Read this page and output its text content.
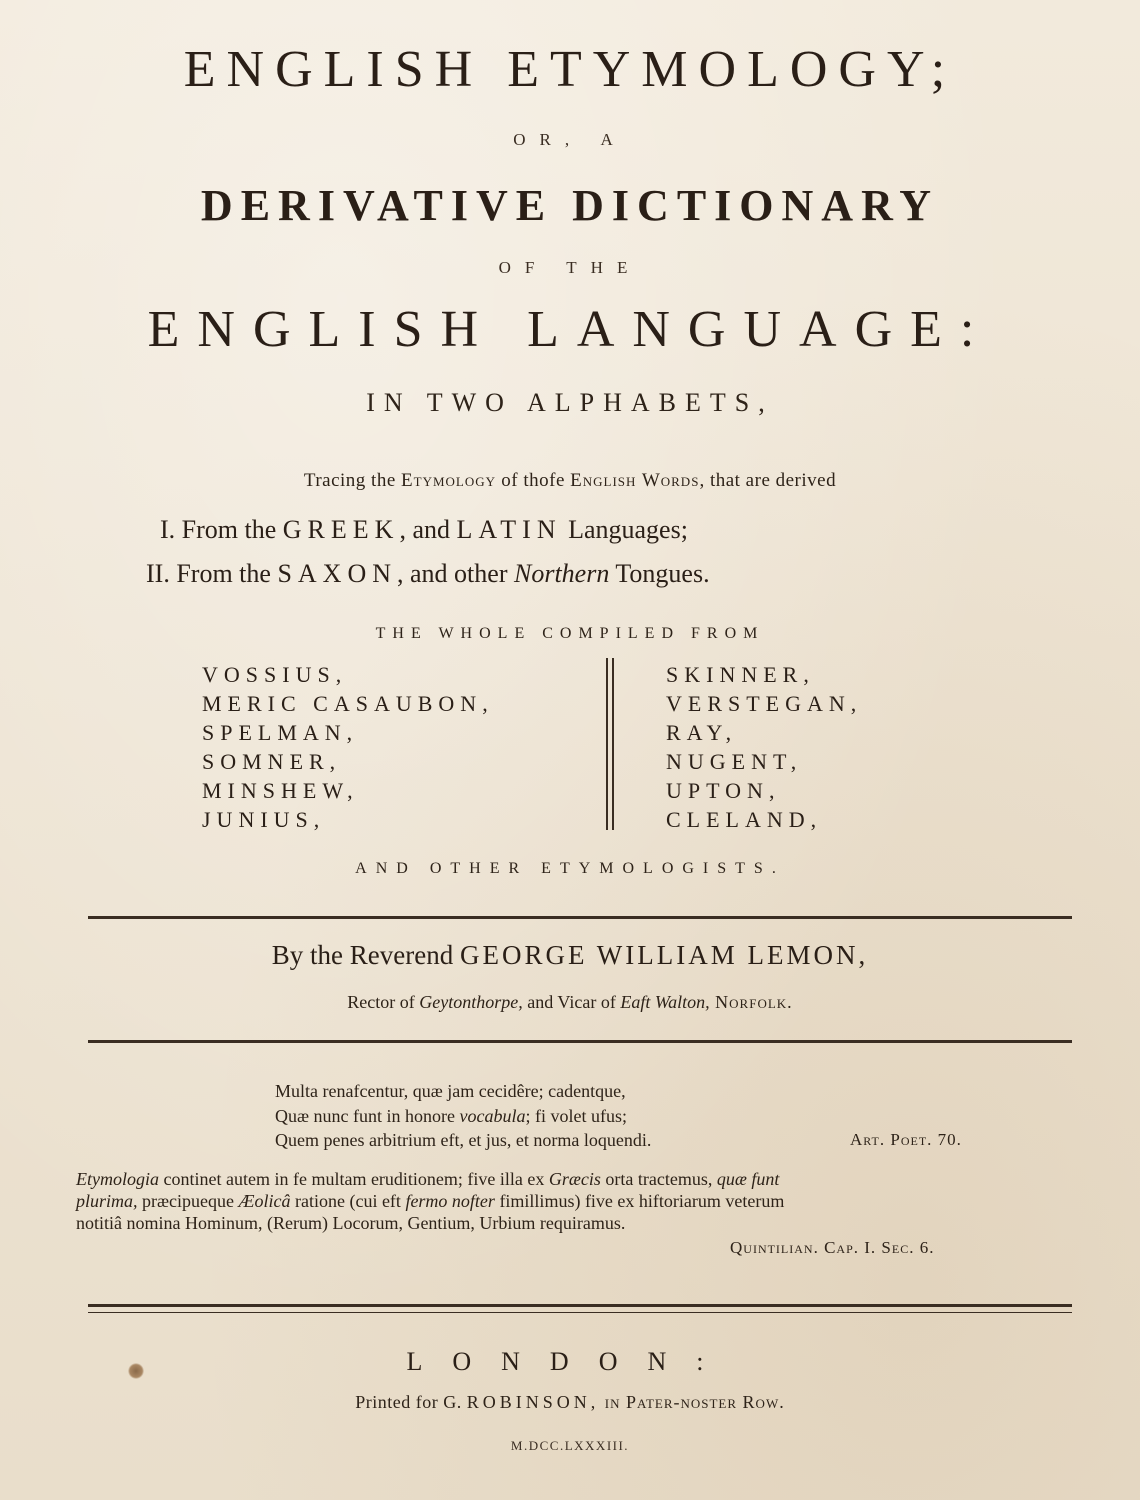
ENGLISH ETYMOLOGY;
OR, A
DERIVATIVE DICTIONARY
OF THE
ENGLISH LANGUAGE:
IN TWO ALPHABETS,
Tracing the Etymology of thofe English Words, that are derived
I. From the GREEK, and LATIN Languages;
II. From the SAXON, and other Northern Tongues.
THE WHOLE COMPILED FROM
VOSSIUS,
MERIC CASAUBON,
SPELMAN,
SOMNER,
MINSHEW,
JUNIUS,
SKINNER,
VERSTEGAN,
RAY,
NUGENT,
UPTON,
CLELAND,
AND OTHER ETYMOLOGISTS.
By the Reverend GEORGE WILLIAM LEMON,
Rector of Geytonthorpe, and Vicar of Eaft Walton, Norfolk.
Multa renafcentur, quæ jam cecidêre; cadentque,
Quæ nunc funt in honore vocabula; fi volet ufus;
Quem penes arbitrium eft, et jus, et norma loquendi.	Art. Poet. 70.
Etymologia continet autem in fe multam eruditionem; five illa ex Græcis orta tractemus, quæ funt
plurima, præcipueque Æolicâ ratione (cui eft fermo nofter fimillimus) five ex hiftoriarum veterum
notitiâ nomina Hominum, (Rerum) Locorum, Gentium, Urbium requiramus.
Quintilian. Cap. I. Sec. 6.
LONDON:
Printed for G. ROBINSON, in Pater-noster Row.
M.DCC.LXXXIII.
